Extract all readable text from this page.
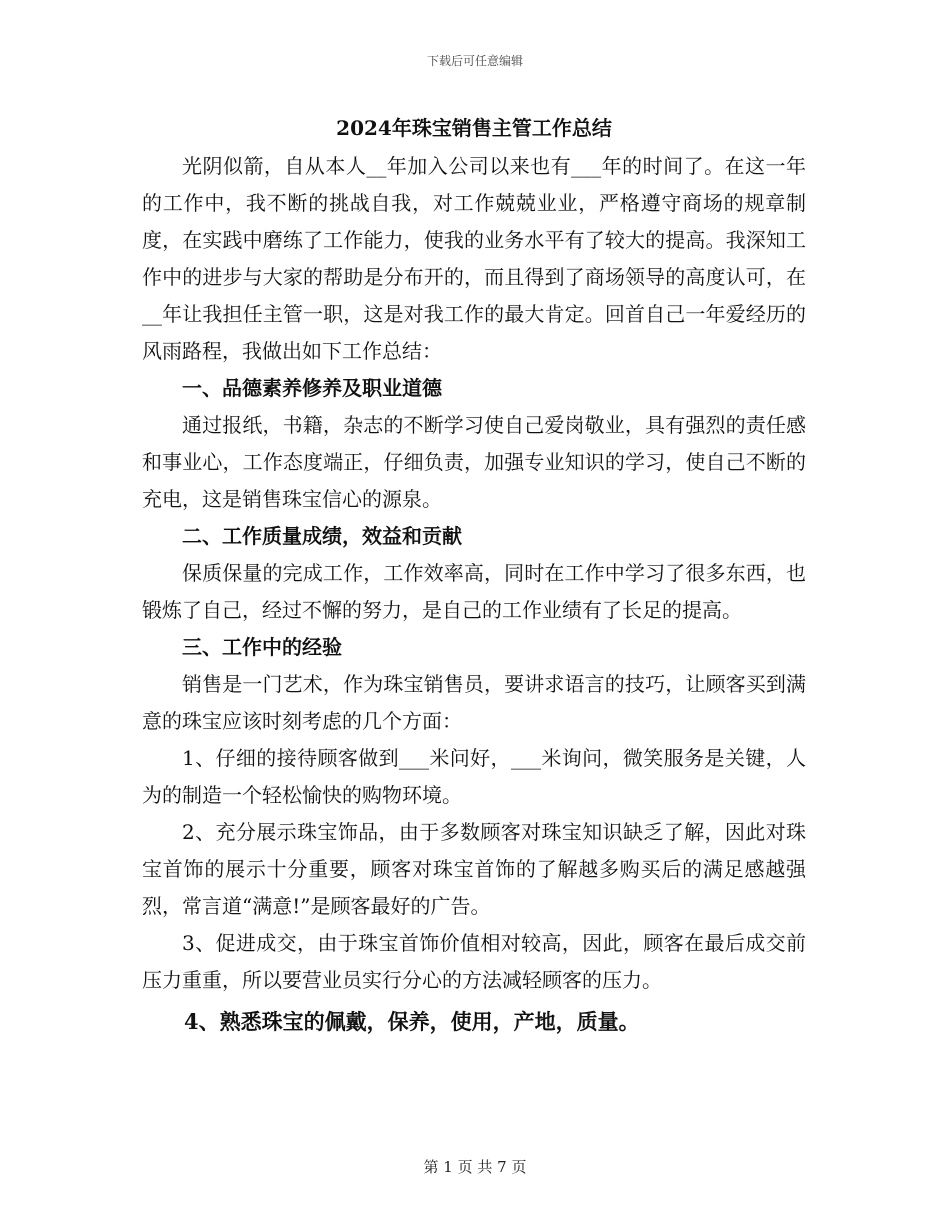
下载后可任意编辑
2024年珠宝销售主管工作总结

光阴似箭，自从本人__年加入公司以来也有___年的时间了。在这一年的工作中，我不断的挑战自我，对工作兢兢业业，严格遵守商场的规章制度，在实践中磨练了工作能力，使我的业务水平有了较大的提高。我深知工作中的进步与大家的帮助是分布开的，而且得到了商场领导的高度认可，在__年让我担任主管一职，这是对我工作的最大肯定。回首自己一年爱经历的风雨路程，我做出如下工作总结：

一、品德素养修养及职业道德

通过报纸，书籍，杂志的不断学习使自己爱岗敬业，具有强烈的责任感和事业心，工作态度端正，仔细负责，加强专业知识的学习，使自己不断的充电，这是销售珠宝信心的源泉。

二、工作质量成绩，效益和贡献

保质保量的完成工作，工作效率高，同时在工作中学习了很多东西，也锻炼了自己，经过不懈的努力，是自己的工作业绩有了长足的提高。

三、工作中的经验

销售是一门艺术，作为珠宝销售员，要讲求语言的技巧，让顾客买到满意的珠宝应该时刻考虑的几个方面：

1、仔细的接待顾客做到___米问好，___米询问，微笑服务是关键，人为的制造一个轻松愉快的购物环境。

2、充分展示珠宝饰品，由于多数顾客对珠宝知识缺乏了解，因此对珠宝首饰的展示十分重要，顾客对珠宝首饰的了解越多购买后的满足感越强烈，常言道“满意!”是顾客最好的广告。

3、促进成交，由于珠宝首饰价值相对较高，因此，顾客在最后成交前压力重重，所以要营业员实行分心的方法减轻顾客的压力。

4、熟悉珠宝的佩戴，保养，使用，产地，质量。

第 1 页 共 7 页
